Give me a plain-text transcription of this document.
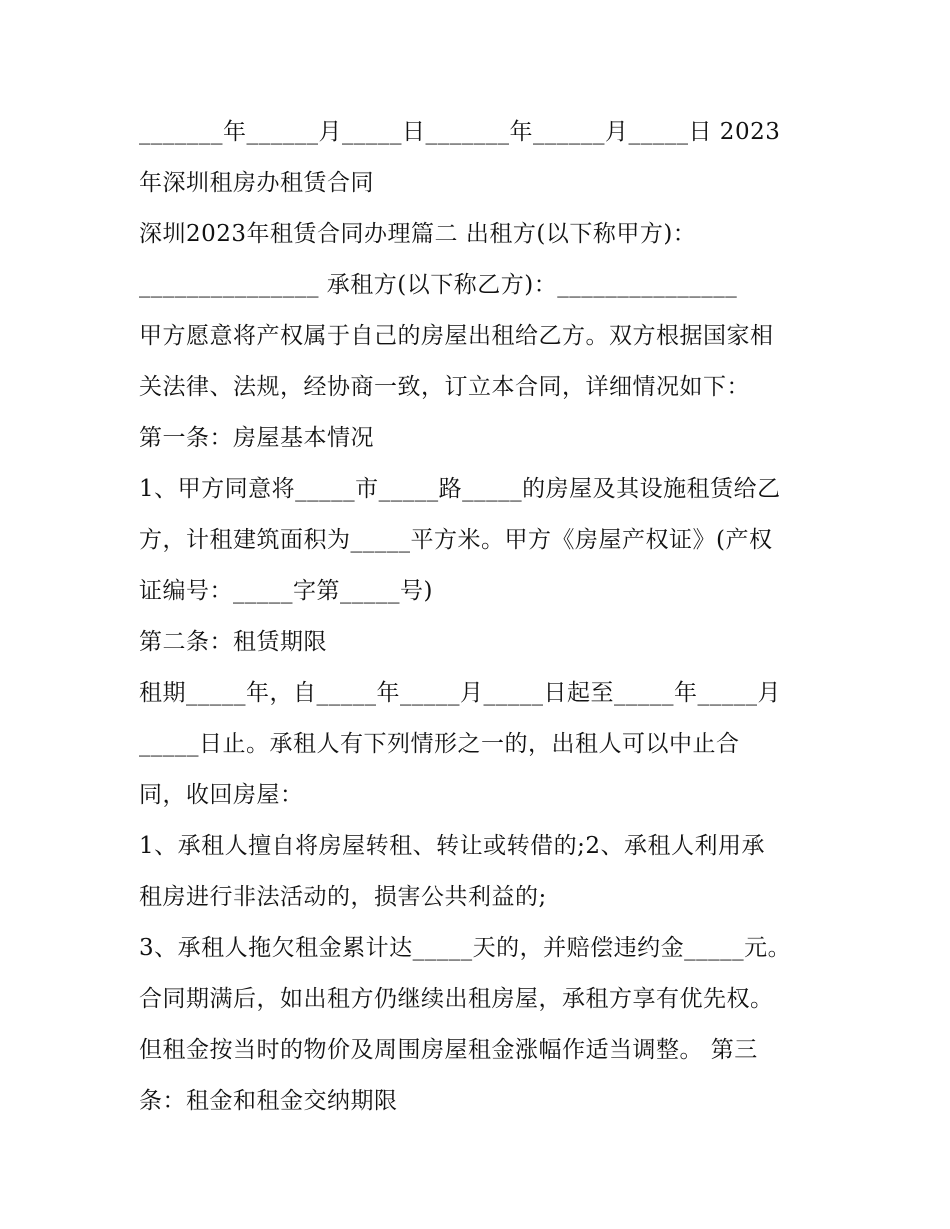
_______年______月_____日_______年______月_____日 2023
年深圳租房办租赁合同
深圳2023年租赁合同办理篇二 出租方(以下称甲方)：
_______________ 承租方(以下称乙方)：_______________
甲方愿意将产权属于自己的房屋出租给乙方。双方根据国家相
关法律、法规，经协商一致，订立本合同，详细情况如下：
第一条：房屋基本情况
1、甲方同意将_____市_____路_____的房屋及其设施租赁给乙
方，计租建筑面积为_____平方米。甲方《房屋产权证》(产权
证编号：_____字第_____号)
第二条：租赁期限
租期_____年，自_____年_____月_____日起至_____年_____月
_____日止。承租人有下列情形之一的，出租人可以中止合
同，收回房屋：
1、承租人擅自将房屋转租、转让或转借的;2、承租人利用承
租房进行非法活动的，损害公共利益的;
3、承租人拖欠租金累计达_____天的，并赔偿违约金_____元。
合同期满后，如出租方仍继续出租房屋，承租方享有优先权。
但租金按当时的物价及周围房屋租金涨幅作适当调整。 第三
条：租金和租金交纳期限
